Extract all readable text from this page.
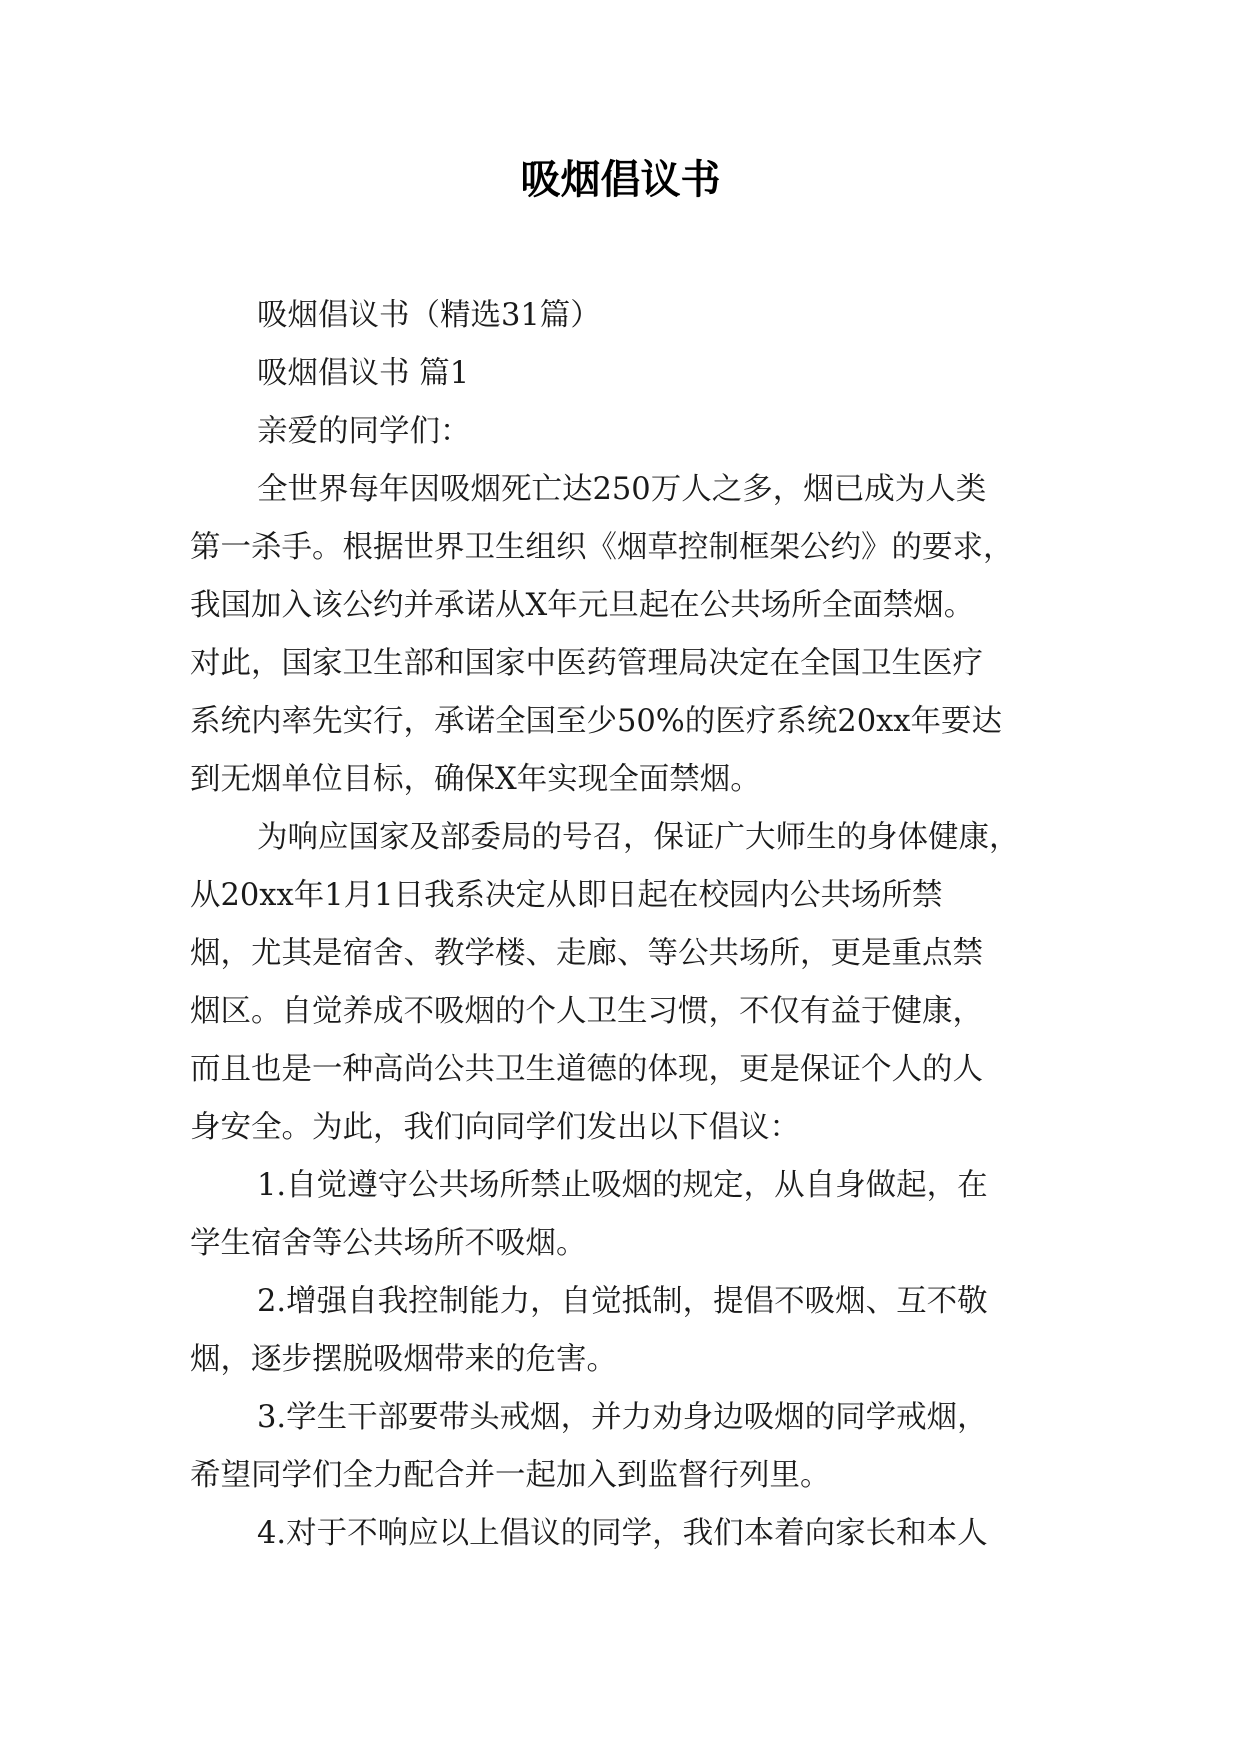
吸烟倡议书

吸烟倡议书（精选31篇）

吸烟倡议书 篇1

亲爱的同学们：

全世界每年因吸烟死亡达250万人之多，烟已成为人类

第一杀手。根据世界卫生组织《烟草控制框架公约》的要求，

我国加入该公约并承诺从X年元旦起在公共场所全面禁烟。

对此，国家卫生部和国家中医药管理局决定在全国卫生医疗

系统内率先实行，承诺全国至少50%的医疗系统20xx年要达

到无烟单位目标，确保X年实现全面禁烟。

为响应国家及部委局的号召，保证广大师生的身体健康，

从20xx年1月1日我系决定从即日起在校园内公共场所禁

烟，尤其是宿舍、教学楼、走廊、等公共场所，更是重点禁

烟区。自觉养成不吸烟的个人卫生习惯，不仅有益于健康，

而且也是一种高尚公共卫生道德的体现，更是保证个人的人

身安全。为此，我们向同学们发出以下倡议：

1.自觉遵守公共场所禁止吸烟的规定，从自身做起，在

学生宿舍等公共场所不吸烟。

2.增强自我控制能力，自觉抵制，提倡不吸烟、互不敬

烟，逐步摆脱吸烟带来的危害。

3.学生干部要带头戒烟，并力劝身边吸烟的同学戒烟，

希望同学们全力配合并一起加入到监督行列里。

4.对于不响应以上倡议的同学，我们本着向家长和本人
